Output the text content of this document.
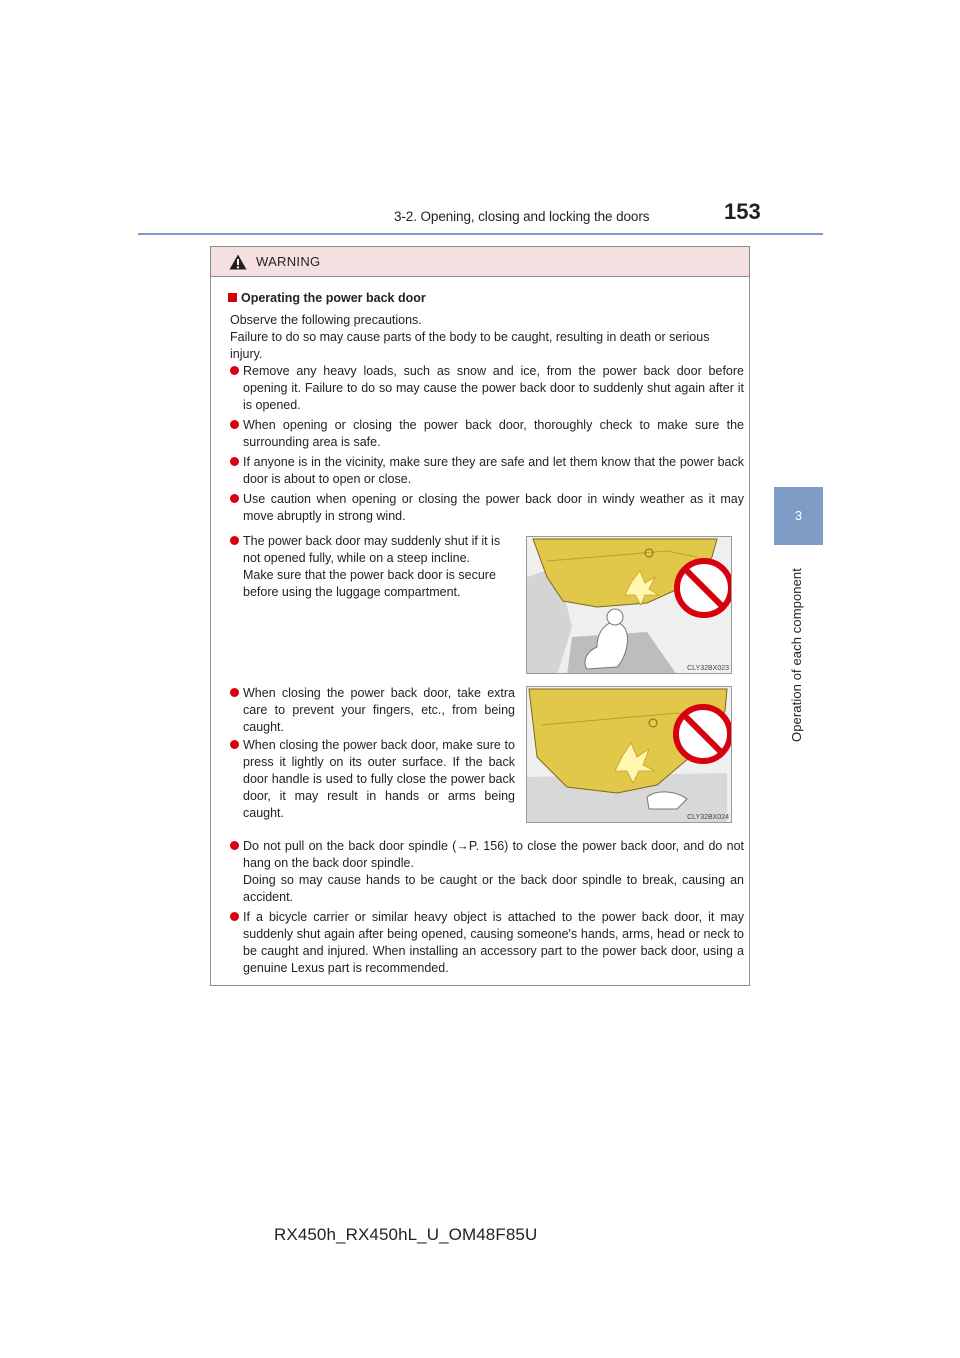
3-2. Opening, closing and locking the doors	153
3
Operation of each component
WARNING
Operating the power back door
Observe the following precautions.
Failure to do so may cause parts of the body to be caught, resulting in death or serious injury.
Remove any heavy loads, such as snow and ice, from the power back door before opening it. Failure to do so may cause the power back door to suddenly shut again after it is opened.
When opening or closing the power back door, thoroughly check to make sure the surrounding area is safe.
If anyone is in the vicinity, make sure they are safe and let them know that the power back door is about to open or close.
Use caution when opening or closing the power back door in windy weather as it may move abruptly in strong wind.
The power back door may suddenly shut if it is not opened fully, while on a steep incline.
Make sure that the power back door is secure before using the luggage compartment.
When closing the power back door, take extra care to prevent your fingers, etc., from being caught.
When closing the power back door, make sure to press it lightly on its outer surface. If the back door handle is used to fully close the power back door, it may result in hands or arms being caught.
Do not pull on the back door spindle (→P. 156) to close the power back door, and do not hang on the back door spindle.
Doing so may cause hands to be caught or the back door spindle to break, causing an accident.
If a bicycle carrier or similar heavy object is attached to the power back door, it may suddenly shut again after being opened, causing someone's hands, arms, head or neck to be caught and injured. When installing an accessory part to the power back door, using a genuine Lexus part is recommended.
CLY32BX023
CLY32BX024
RX450h_RX450hL_U_OM48F85U
